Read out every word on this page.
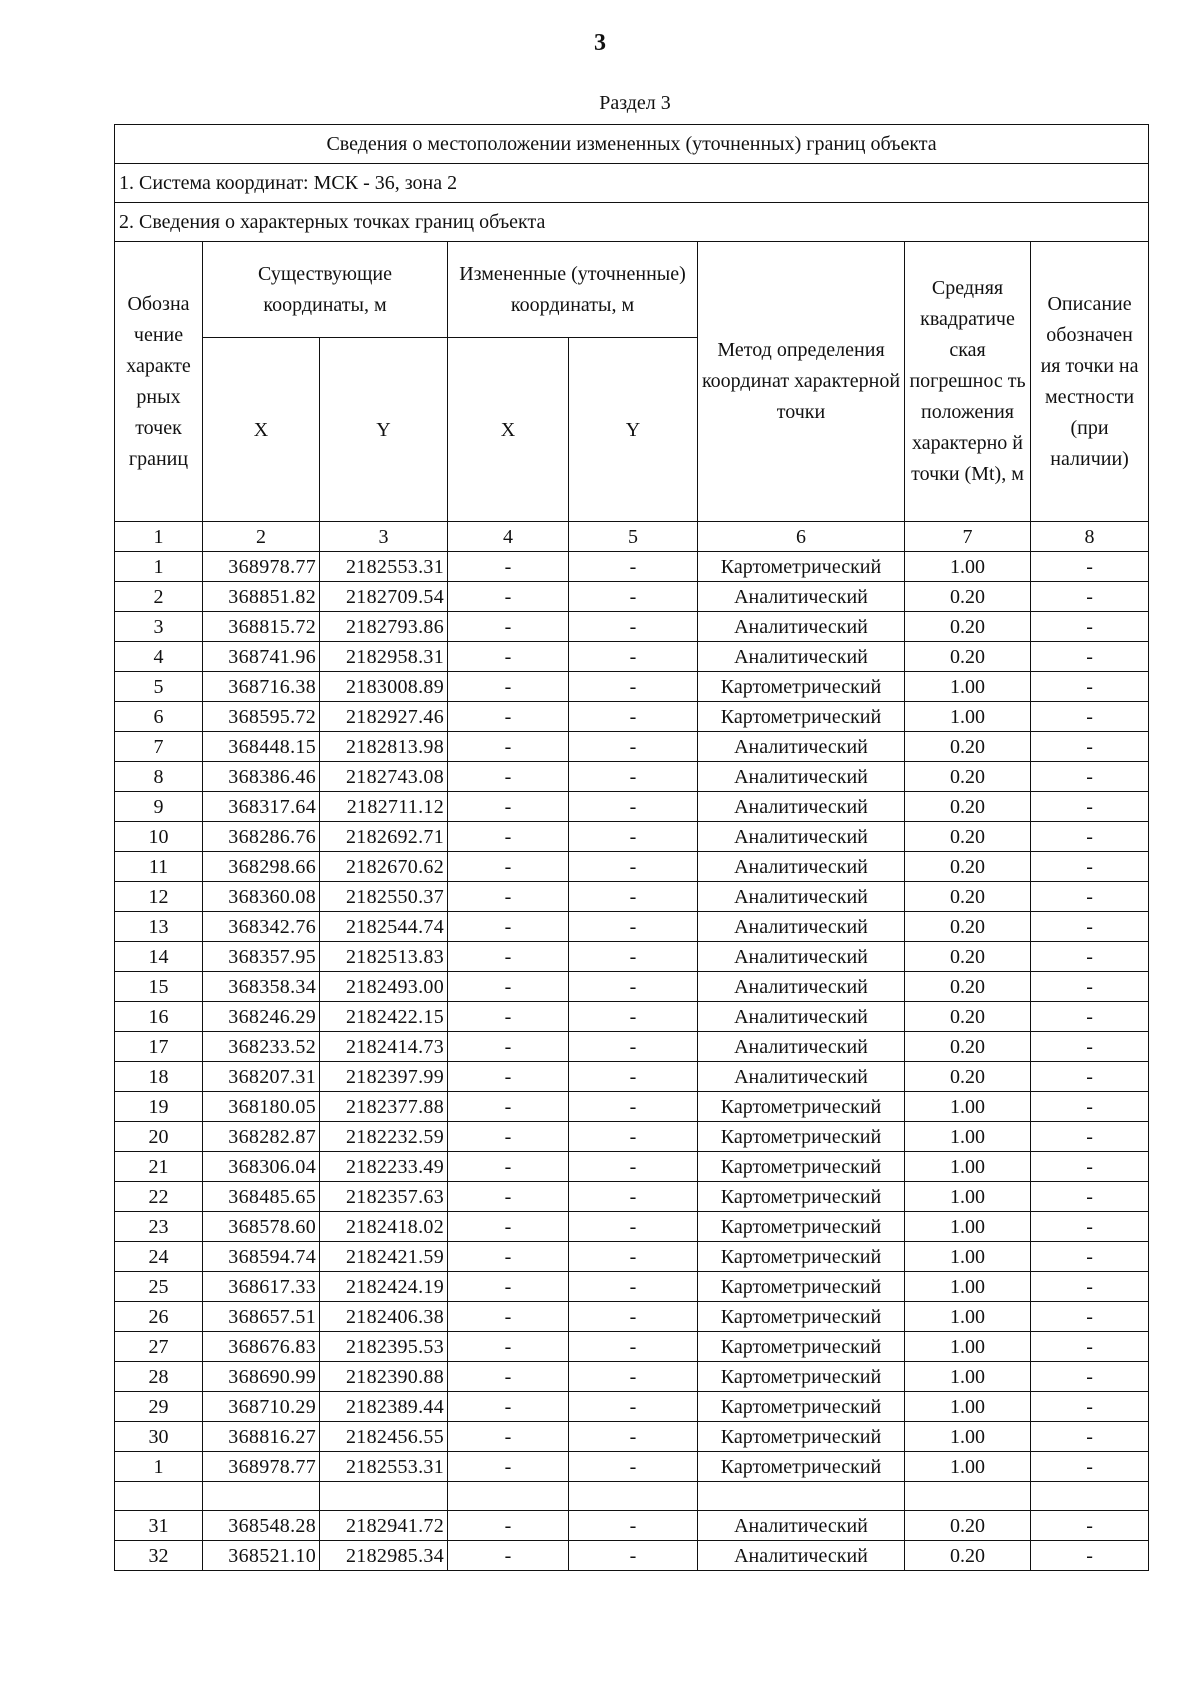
3
Раздел 3
Сведения о местоположении измененных (уточненных) границ объекта							
1. Система координат: МСК - 36, зона 2							
2. Сведения о характерных точках границ объекта							
Обозна чение характе рных точек границ	Существующие координаты, м		Измененные (уточненные) координаты, м		Метод определения координат характерной точки	Средняя квадратиче ская погрешнос ть положения характерно й точки (Mt), м	Описание обозначен ия точки на местности (при наличии)
	X	Y	X	Y			
1	2	3	4	5	6	7	8
1	368978.77	2182553.31	-	-	Картометрический	1.00	-
2	368851.82	2182709.54	-	-	Аналитический	0.20	-
3	368815.72	2182793.86	-	-	Аналитический	0.20	-
4	368741.96	2182958.31	-	-	Аналитический	0.20	-
5	368716.38	2183008.89	-	-	Картометрический	1.00	-
6	368595.72	2182927.46	-	-	Картометрический	1.00	-
7	368448.15	2182813.98	-	-	Аналитический	0.20	-
8	368386.46	2182743.08	-	-	Аналитический	0.20	-
9	368317.64	2182711.12	-	-	Аналитический	0.20	-
10	368286.76	2182692.71	-	-	Аналитический	0.20	-
11	368298.66	2182670.62	-	-	Аналитический	0.20	-
12	368360.08	2182550.37	-	-	Аналитический	0.20	-
13	368342.76	2182544.74	-	-	Аналитический	0.20	-
14	368357.95	2182513.83	-	-	Аналитический	0.20	-
15	368358.34	2182493.00	-	-	Аналитический	0.20	-
16	368246.29	2182422.15	-	-	Аналитический	0.20	-
17	368233.52	2182414.73	-	-	Аналитический	0.20	-
18	368207.31	2182397.99	-	-	Аналитический	0.20	-
19	368180.05	2182377.88	-	-	Картометрический	1.00	-
20	368282.87	2182232.59	-	-	Картометрический	1.00	-
21	368306.04	2182233.49	-	-	Картометрический	1.00	-
22	368485.65	2182357.63	-	-	Картометрический	1.00	-
23	368578.60	2182418.02	-	-	Картометрический	1.00	-
24	368594.74	2182421.59	-	-	Картометрический	1.00	-
25	368617.33	2182424.19	-	-	Картометрический	1.00	-
26	368657.51	2182406.38	-	-	Картометрический	1.00	-
27	368676.83	2182395.53	-	-	Картометрический	1.00	-
28	368690.99	2182390.88	-	-	Картометрический	1.00	-
29	368710.29	2182389.44	-	-	Картометрический	1.00	-
30	368816.27	2182456.55	-	-	Картометрический	1.00	-
1	368978.77	2182553.31	-	-	Картометрический	1.00	-

31	368548.28	2182941.72	-	-	Аналитический	0.20	-
32	368521.10	2182985.34	-	-	Аналитический	0.20	-
